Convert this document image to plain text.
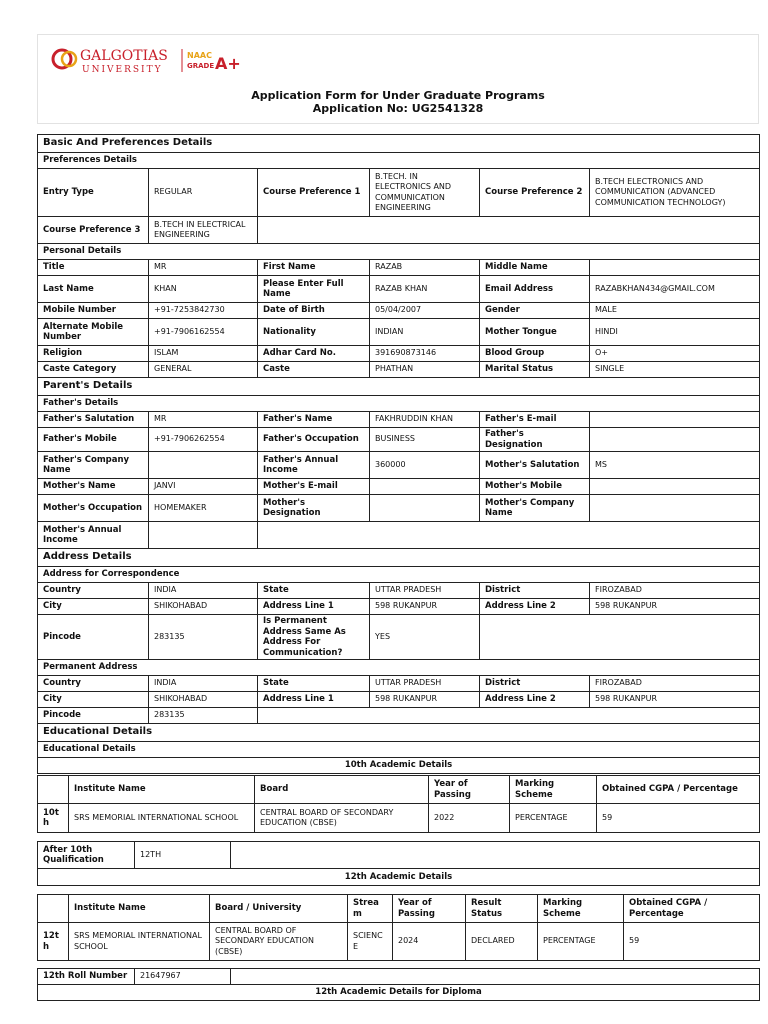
GALGOTIAS
UNIVERSITY
NAAC
GRADE A+
Application Form for Under Graduate Programs
Application No: UG2541328
Basic And Preferences Details					
Preferences Details					
Entry Type	REGULAR	Course Preference 1	B.TECH. IN ELECTRONICS AND COMMUNICATION ENGINEERING	Course Preference 2	B.TECH ELECTRONICS AND COMMUNICATION (ADVANCED COMMUNICATION TECHNOLOGY)
Course Preference 3	B.TECH IN ELECTRICAL ENGINEERING				
Personal Details					
Title	MR	First Name	RAZAB	Middle Name	
Last Name	KHAN	Please Enter Full Name	RAZAB KHAN	Email Address	RAZABKHAN434@GMAIL.COM
Mobile Number	+91-7253842730	Date of Birth	05/04/2007	Gender	MALE
Alternate Mobile Number	+91-7906162554	Nationality	INDIAN	Mother Tongue	HINDI
Religion	ISLAM	Adhar Card No.	391690873146	Blood Group	O+
Caste Category	GENERAL	Caste	PHATHAN	Marital Status	SINGLE
Parent's Details					
Father's Details					
Father's Salutation	MR	Father's Name	FAKHRUDDIN KHAN	Father's E-mail	
Father's Mobile	+91-7906262554	Father's Occupation	BUSINESS	Father's Designation	
Father's Company Name		Father's Annual Income	360000	Mother's Salutation	MS
Mother's Name	JANVI	Mother's E-mail		Mother's Mobile	
Mother's Occupation	HOMEMAKER	Mother's Designation		Mother's Company Name	
Mother's Annual Income					
Address Details					
Address for Correspondence					
Country	INDIA	State	UTTAR PRADESH	District	FIROZABAD
City	SHIKOHABAD	Address Line 1	598 RUKANPUR	Address Line 2	598 RUKANPUR
Pincode	283135	Is Permanent Address Same As Address For Communication?	YES		
Permanent Address					
Country	INDIA	State	UTTAR PRADESH	District	FIROZABAD
City	SHIKOHABAD	Address Line 1	598 RUKANPUR	Address Line 2	598 RUKANPUR
Pincode	283135				
Educational Details					
Educational Details					
10th Academic Details					
	Institute Name	Board	Year of Passing	Marking Scheme	Obtained CGPA / Percentage
10th	SRS MEMORIAL INTERNATIONAL SCHOOL	CENTRAL BOARD OF SECONDARY EDUCATION (CBSE)	2022	PERCENTAGE	59
After 10th Qualification	12TH	
12th Academic Details
	Institute Name	Board / University	Stream	Year of Passing	Result Status	Marking Scheme	Obtained CGPA / Percentage
12th	SRS MEMORIAL INTERNATIONAL SCHOOL	CENTRAL BOARD OF SECONDARY EDUCATION (CBSE)	SCIENCE	2024	DECLARED	PERCENTAGE	59
12th Roll Number	21647967	
12th Academic Details for Diploma
